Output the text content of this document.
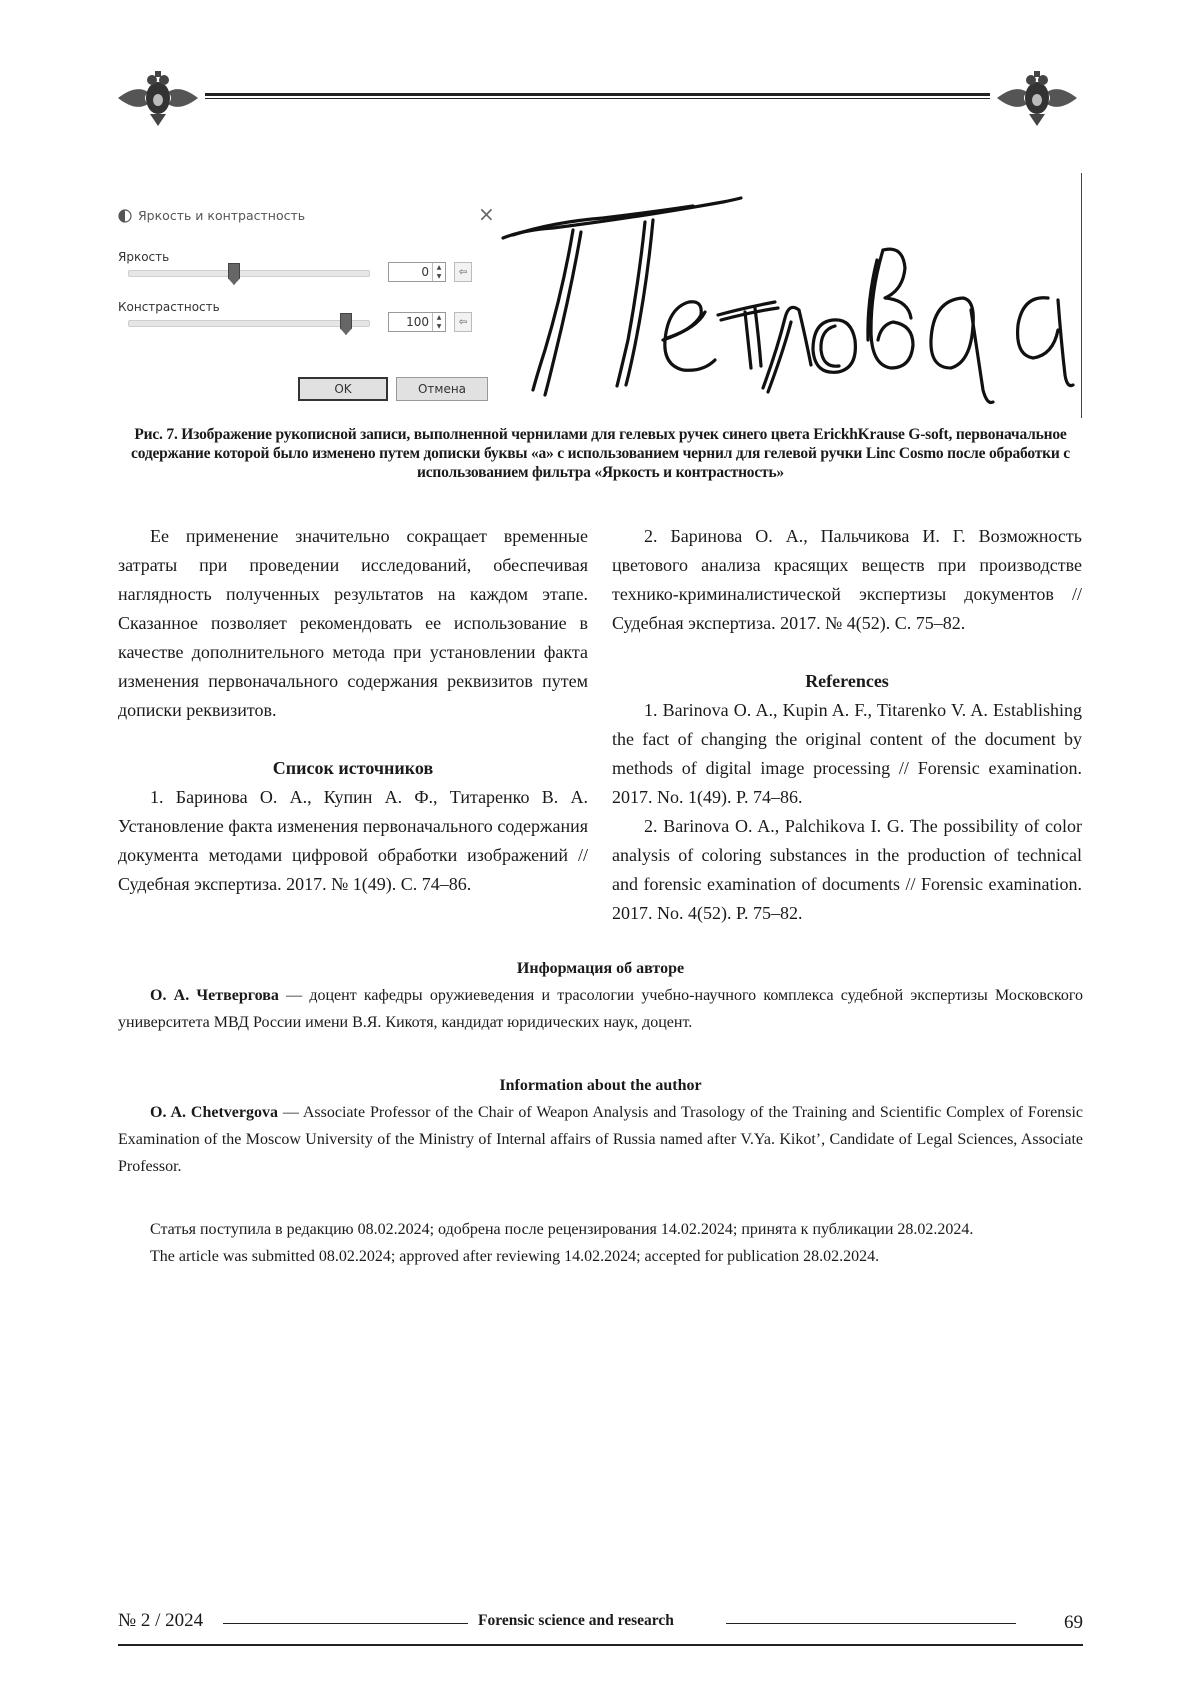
Яркость и контрастность	×
Яркость
0	▲
▼	⇦
Констрастность
100	▲
▼	⇦
OK	Отмена
Рис. 7. Изображение рукописной записи, выполненной чернилами для гелевых ручек синего цвета ErickhKrause G-soft, первоначальное содержание которой было изменено путем дописки буквы «а» с использованием чернил для гелевой ручки Linc Cosmo после обработки с использованием фильтра «Яркость и контрастность»

Ее применение значительно сокращает временные затраты при проведении исследований, обеспечивая наглядность полученных результатов на каждом этапе. Сказанное позволяет рекомендовать ее использование в качестве дополнительного метода при установлении факта изменения первоначального содержания реквизитов путем дописки реквизитов.

Список источников

1. Баринова О. А., Купин А. Ф., Титаренко В. А. Установление факта изменения первоначального содержания документа методами цифровой обработки изображений // Судебная экспертиза. 2017. № 1(49). С. 74–86.

2. Баринова О. А., Пальчикова И. Г. Возможность цветового анализа красящих веществ при производстве технико-криминалистической экспертизы документов // Судебная экспертиза. 2017. № 4(52). С. 75–82.

References

1. Barinova O. A., Kupin A. F., Titarenko V. A. Establishing the fact of changing the original content of the document by methods of digital image processing // Forensic examination. 2017. No. 1(49). P. 74–86.

2. Barinova O. A., Palchikova I. G. The possibility of color analysis of coloring substances in the production of technical and forensic examination of documents // Forensic examination. 2017. No. 4(52). P. 75–82.

Информация об авторе

О. А. Четвергова — доцент кафедры оружиеведения и трасологии учебно-научного комплекса судебной экспертизы Московского университета МВД России имени В.Я. Кикотя, кандидат юридических наук, доцент.

Information about the author

O. A. Chetvergova — Associate Professor of the Chair of Weapon Analysis and Trasology of the Training and Scientific Complex of Forensic Examination of the Moscow University of the Ministry of Internal affairs of Russia named after V.Ya. Kikot’, Candidate of Legal Sciences, Associate Professor.

Статья поступила в редакцию 08.02.2024; одобрена после рецензирования 14.02.2024; принята к публикации 28.02.2024.

The article was submitted 08.02.2024; approved after reviewing 14.02.2024; accepted for publication 28.02.2024.

№ 2 / 2024	Forensic science and research	69
